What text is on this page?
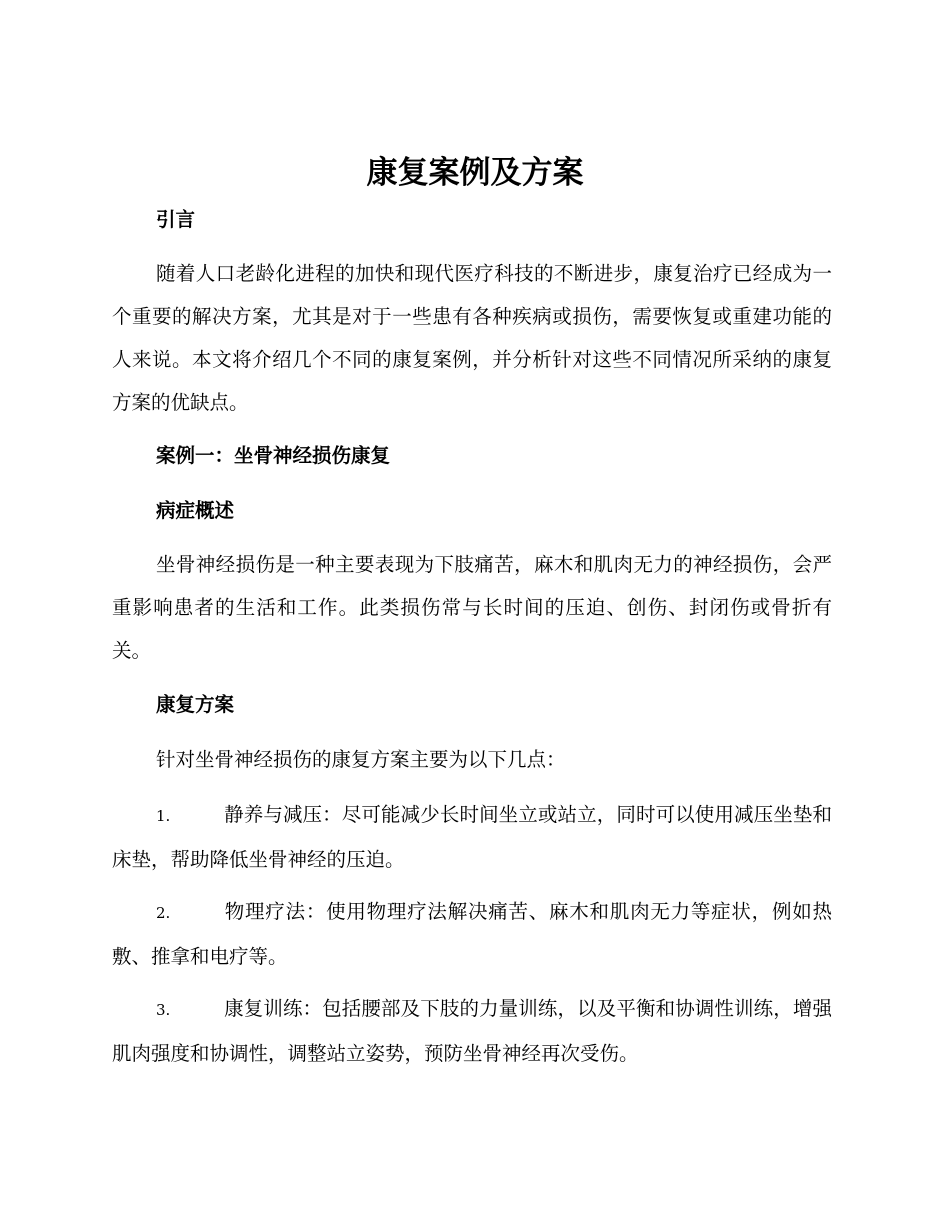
康复案例及方案
引言

随着人口老龄化进程的加快和现代医疗科技的不断进步，康复治疗已经成为一个重要的解决方案，尤其是对于一些患有各种疾病或损伤，需要恢复或重建功能的人来说。本文将介绍几个不同的康复案例，并分析针对这些不同情况所采纳的康复方案的优缺点。

案例一：坐骨神经损伤康复
病症概述

坐骨神经损伤是一种主要表现为下肢痛苦，麻木和肌肉无力的神经损伤，会严重影响患者的生活和工作。此类损伤常与长时间的压迫、创伤、封闭伤或骨折有关。

康复方案

针对坐骨神经损伤的康复方案主要为以下几点：

1.	静养与减压：尽可能减少长时间坐立或站立，同时可以使用减压坐垫和床垫，帮助降低坐骨神经的压迫。

2.	物理疗法：使用物理疗法解决痛苦、麻木和肌肉无力等症状，例如热敷、推拿和电疗等。

3.	康复训练：包括腰部及下肢的力量训练，以及平衡和协调性训练，增强肌肉强度和协调性，调整站立姿势，预防坐骨神经再次受伤。
